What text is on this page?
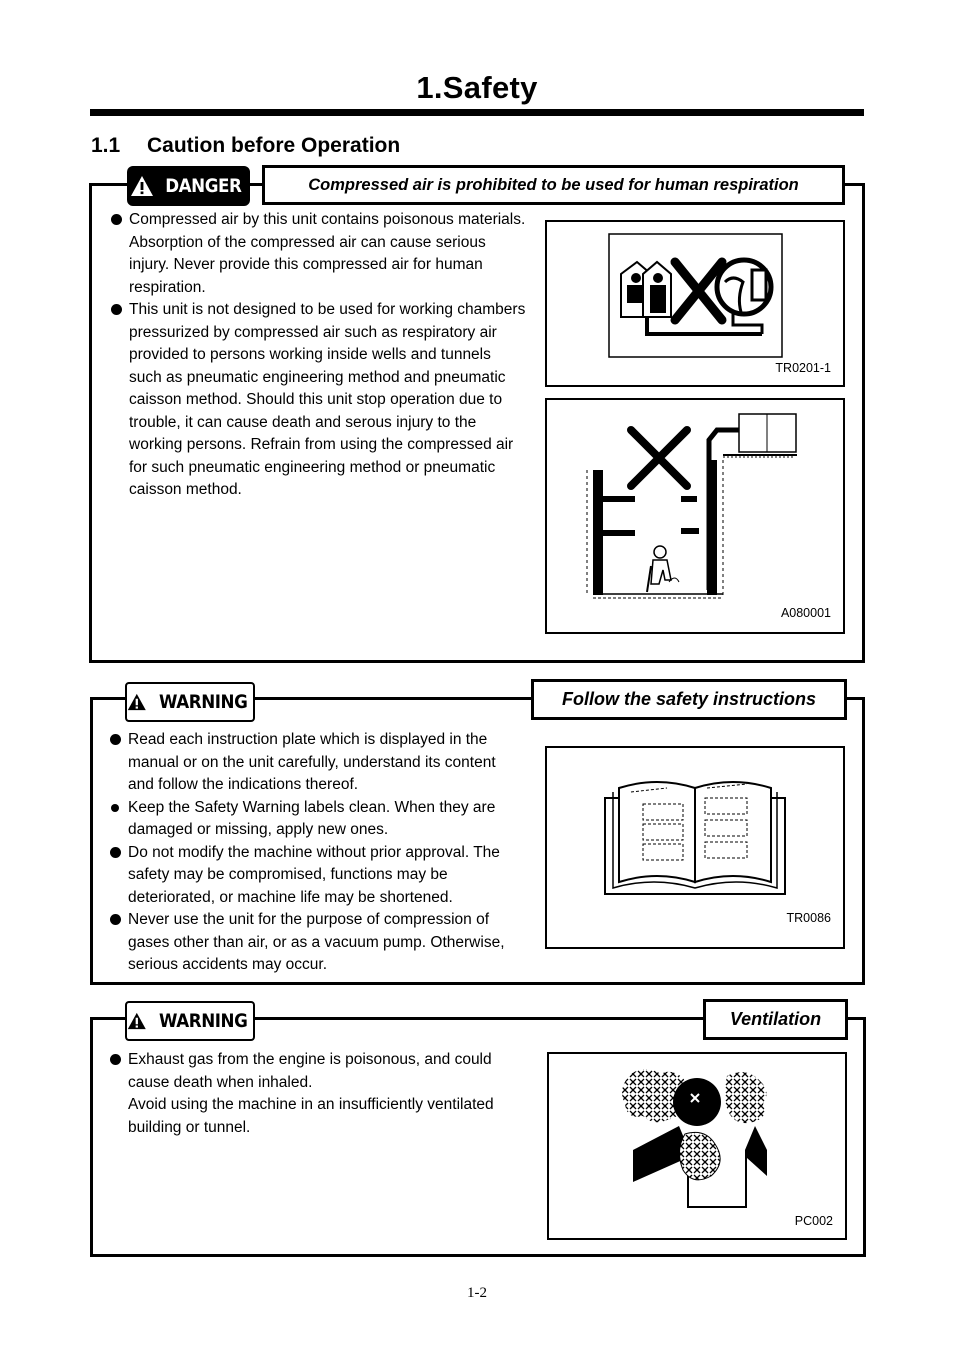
1.Safety
1.1 Caution before Operation
DANGER	Compressed air is prohibited to be used for human respiration
Compressed air by this unit contains poisonous materials. Absorption of the compressed air can cause serious injury. Never provide this compressed air for human respiration.
This unit is not designed to be used for working chambers pressurized by compressed air such as respiratory air provided to persons working inside wells and tunnels such as pneumatic engineering method and pneumatic caisson method. Should this unit stop operation due to trouble, it can cause death and serous injury to the working persons. Refrain from using the compressed air for such pneumatic engineering method or pneumatic caisson method.
TR0201-1
A080001
WARNING	Follow the safety instructions
Read each instruction plate which is displayed in the manual or on the unit carefully, understand its content and follow the indications thereof.
Keep the Safety Warning labels clean. When they are damaged or missing, apply new ones.
Do not modify the machine without prior approval. The safety may be compromised, functions may be deteriorated, or machine life may be shortened.
Never use the unit for the purpose of compression of gases other than air, or as a vacuum pump. Otherwise, serious accidents may occur.
TR0086
WARNING	Ventilation
Exhaust gas from the engine is poisonous, and could cause death when inhaled.
Avoid using the machine in an insufficiently ventilated building or tunnel.
PC002
1-2
